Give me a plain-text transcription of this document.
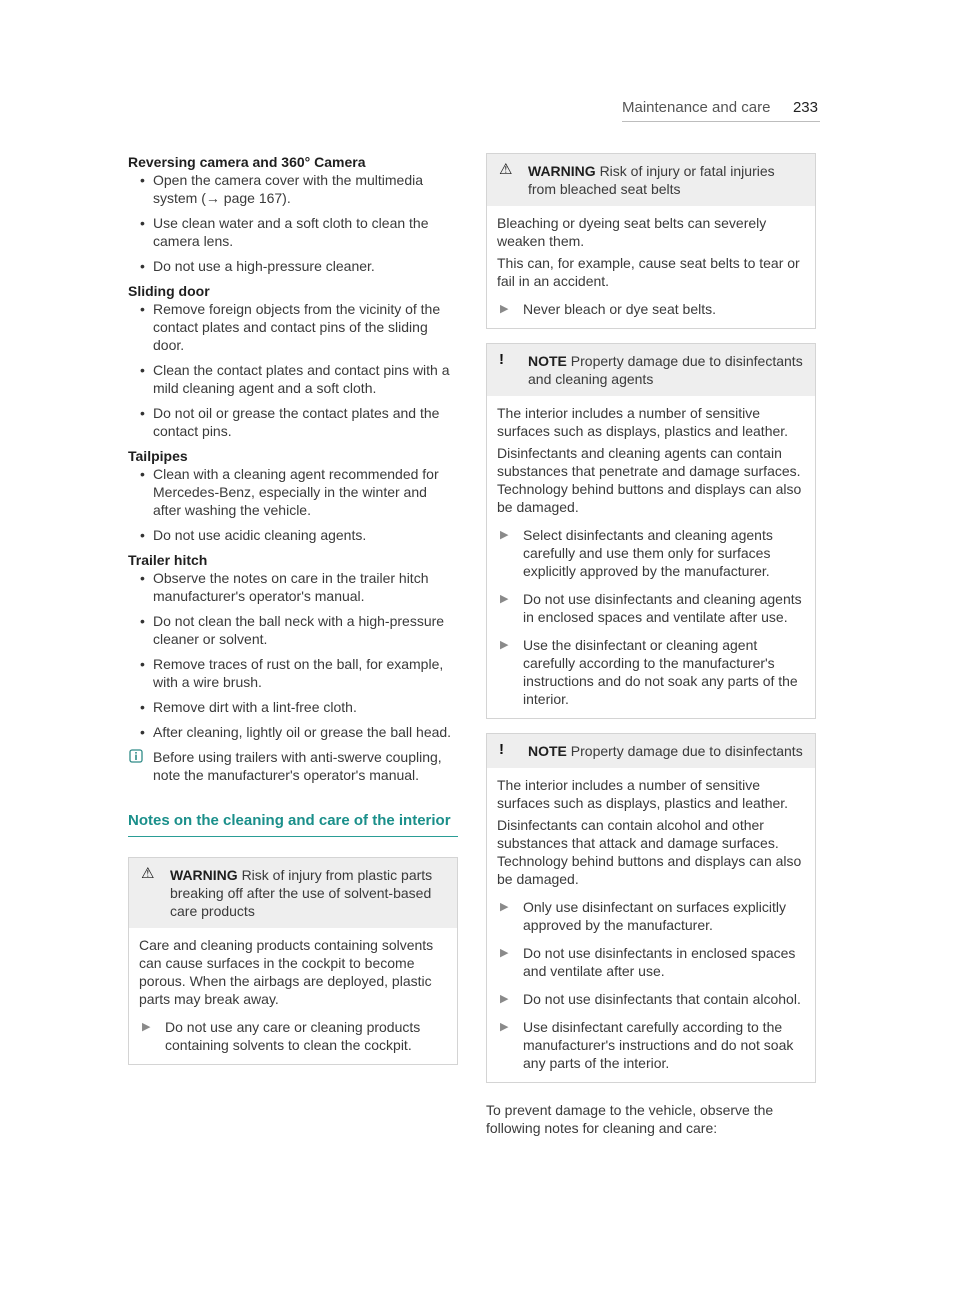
Maintenance and care 233

Reversing camera and 360° Camera

• Open the camera cover with the multimedia system (→ page 167).
• Use clean water and a soft cloth to clean the camera lens.
• Do not use a high-pressure cleaner.

Sliding door

• Remove foreign objects from the vicinity of the contact plates and contact pins of the sliding door.
• Clean the contact plates and contact pins with a mild cleaning agent and a soft cloth.
• Do not oil or grease the contact plates and the contact pins.

Tailpipes

• Clean with a cleaning agent recommended for Mercedes-Benz, especially in the winter and after washing the vehicle.
• Do not use acidic cleaning agents.

Trailer hitch

• Observe the notes on care in the trailer hitch manufacturer's operator's manual.
• Do not clean the ball neck with a high-pressure cleaner or solvent.
• Remove traces of rust on the ball, for example, with a wire brush.
• Remove dirt with a lint-free cloth.
• After cleaning, lightly oil or grease the ball head.
Before using trailers with anti-swerve coupling, note the manufacturer's operator's manual.
Notes on the cleaning and care of the interior
⚠ WARNING Risk of injury from plastic parts breaking off after the use of solvent-based care products

Care and cleaning products containing solvents can cause surfaces in the cockpit to become porous. When the airbags are deployed, plastic parts may break away.

▶ Do not use any care or cleaning products containing solvents to clean the cockpit.
⚠ WARNING Risk of injury or fatal injuries from bleached seat belts

Bleaching or dyeing seat belts can severely weaken them.

This can, for example, cause seat belts to tear or fail in an accident.

▶ Never bleach or dye seat belts.
! NOTE Property damage due to disinfectants and cleaning agents

The interior includes a number of sensitive surfaces such as displays, plastics and leather.

Disinfectants and cleaning agents can contain substances that penetrate and damage surfaces. Technology behind buttons and displays can also be damaged.

▶ Select disinfectants and cleaning agents carefully and use them only for surfaces explicitly approved by the manufacturer.
▶ Do not use disinfectants and cleaning agents in enclosed spaces and ventilate after use.
▶ Use the disinfectant or cleaning agent carefully according to the manufacturer's instructions and do not soak any parts of the interior.
! NOTE Property damage due to disinfectants

The interior includes a number of sensitive surfaces such as displays, plastics and leather.

Disinfectants can contain alcohol and other substances that attack and damage surfaces. Technology behind buttons and displays can also be damaged.

▶ Only use disinfectant on surfaces explicitly approved by the manufacturer.
▶ Do not use disinfectants in enclosed spaces and ventilate after use.
▶ Do not use disinfectants that contain alcohol.
▶ Use disinfectant carefully according to the manufacturer's instructions and do not soak any parts of the interior.

To prevent damage to the vehicle, observe the following notes for cleaning and care:
